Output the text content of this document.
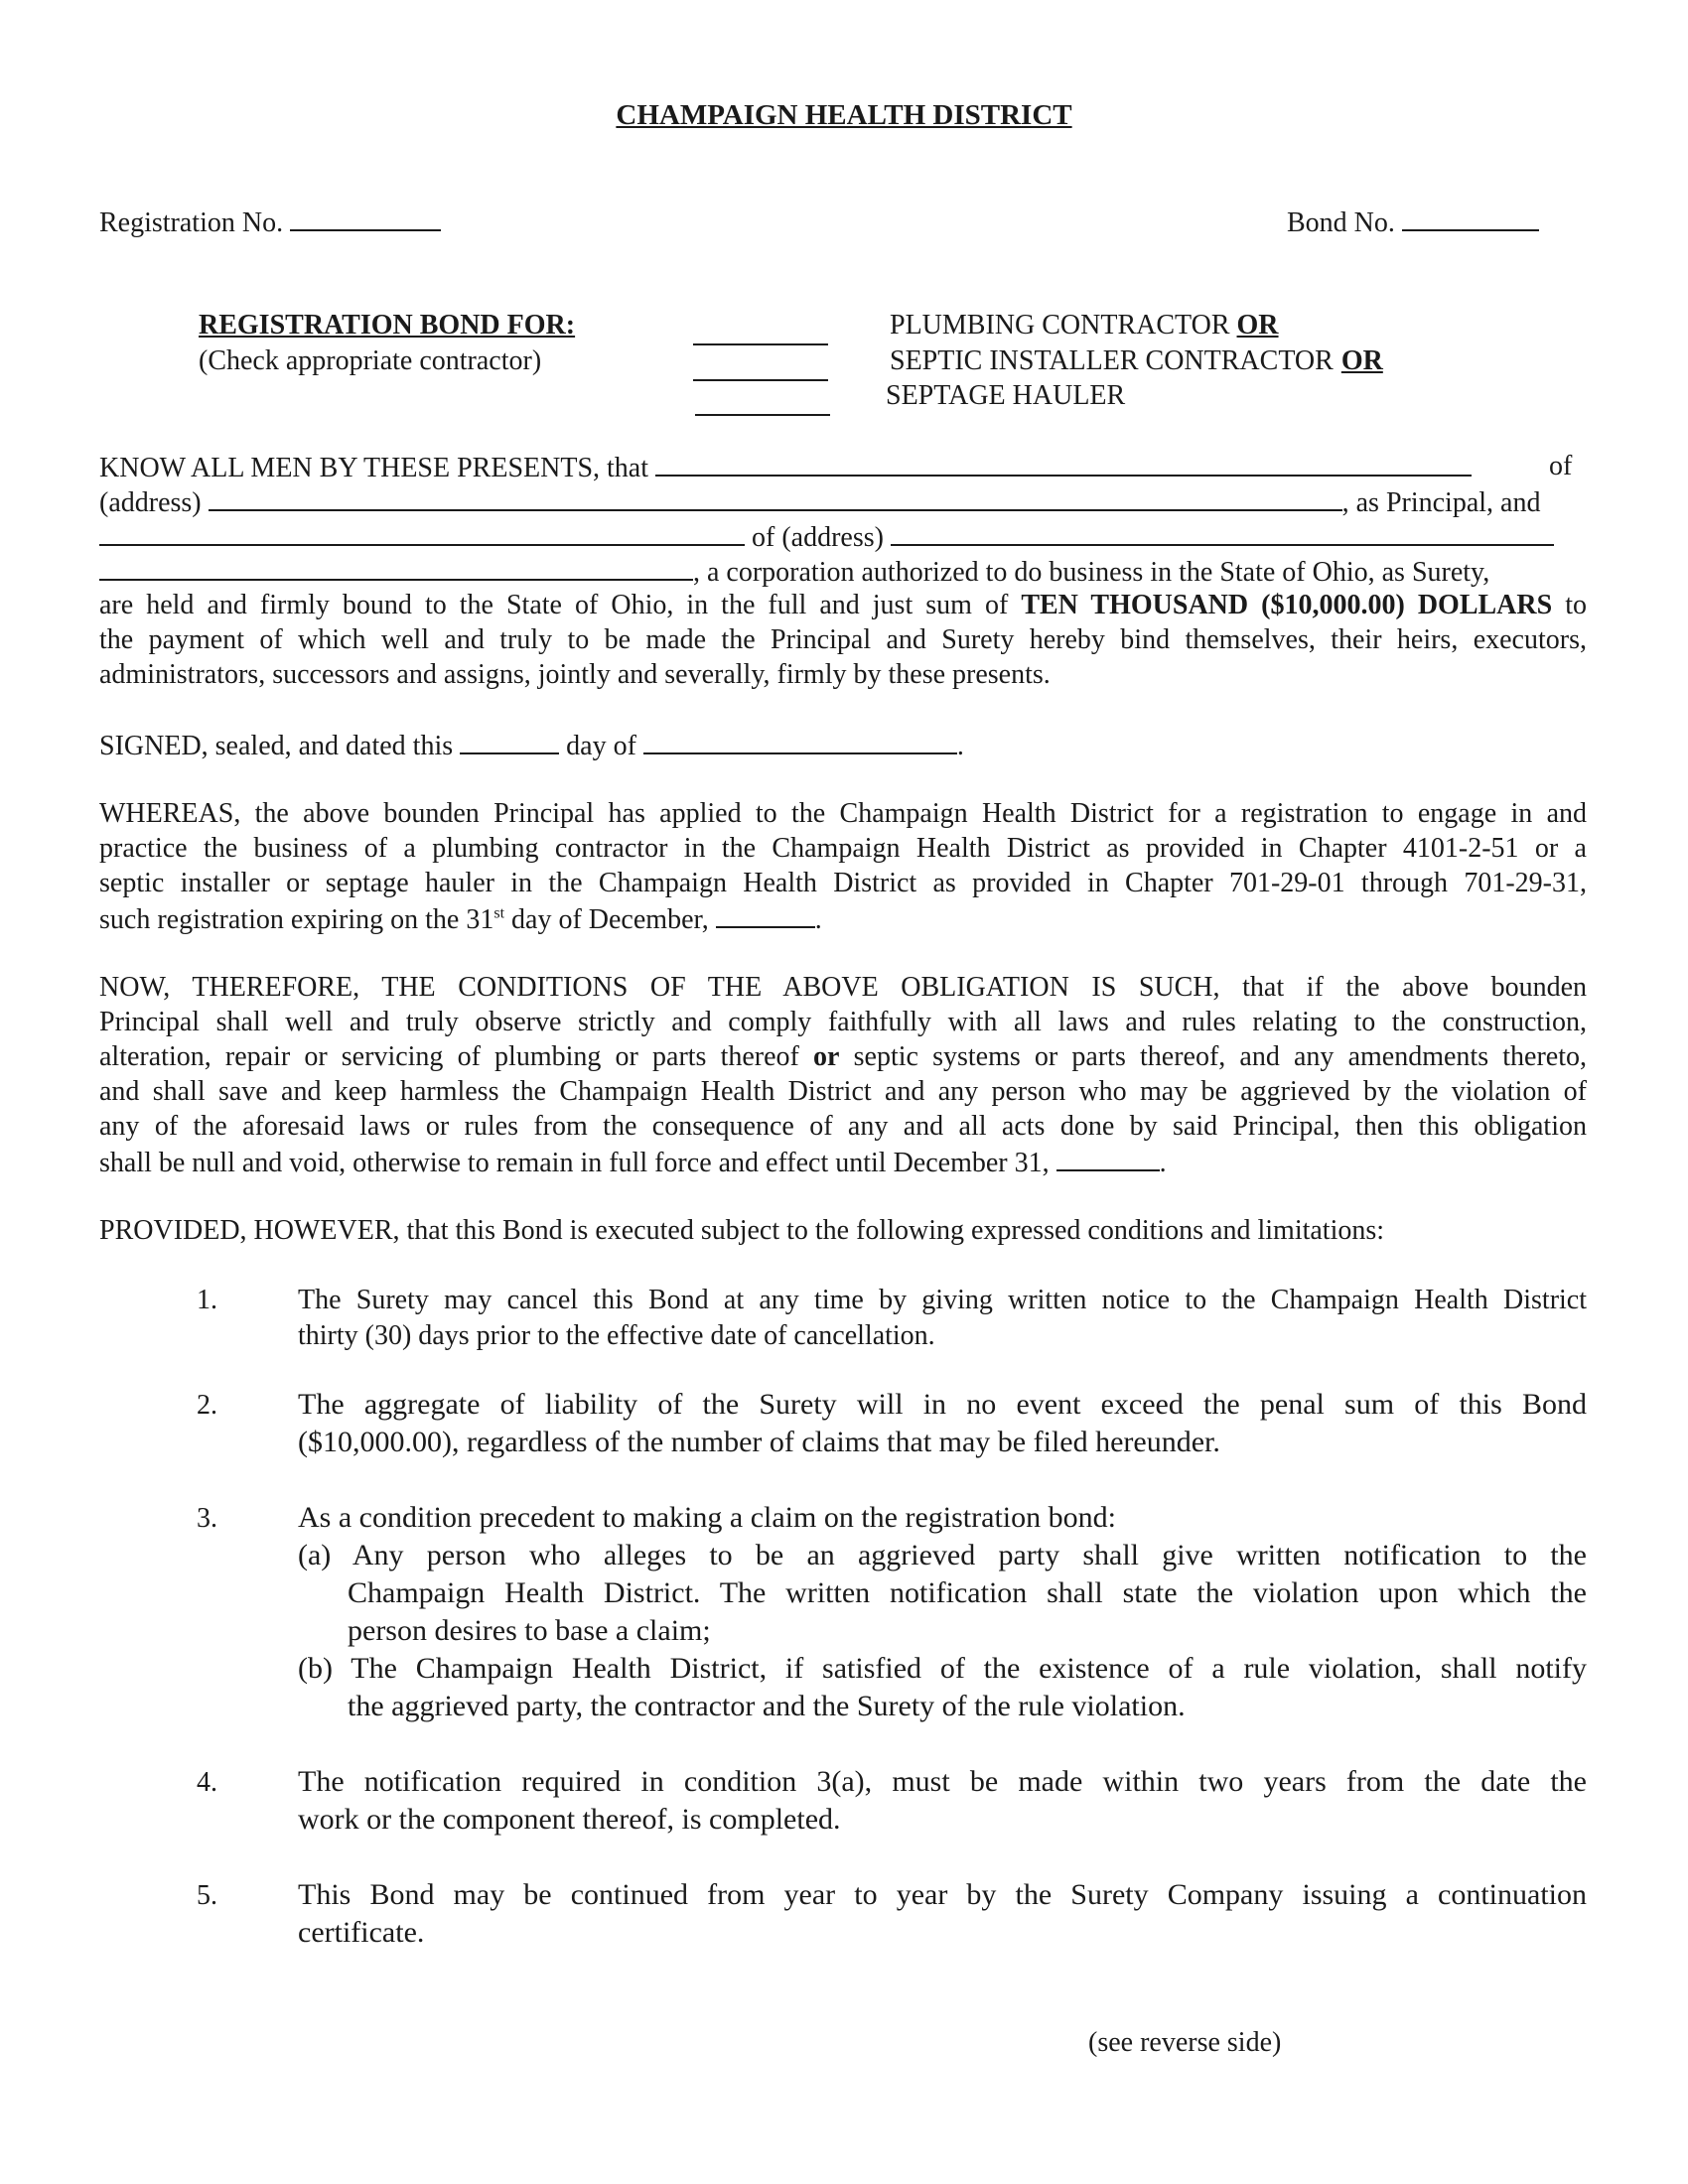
CHAMPAIGN HEALTH DISTRICT
Registration No.	Bond No.
REGISTRATION BOND FOR:
(Check appropriate contractor)
PLUMBING CONTRACTOR OR
SEPTIC INSTALLER CONTRACTOR OR
SEPTAGE HAULER
KNOW ALL MEN BY THESE PRESENTS, that	of
(address)	, as Principal, and
of (address)
, a corporation authorized to do business in the State of Ohio, as Surety,
are held and firmly bound to the State of Ohio, in the full and just sum of TEN THOUSAND ($10,000.00) DOLLARS to
the payment of which well and truly to be made the Principal and Surety hereby bind themselves, their heirs, executors,
administrators, successors and assigns, jointly and severally, firmly by these presents.
SIGNED, sealed, and dated this	day of	.
WHEREAS, the above bounden Principal has applied to the Champaign Health District for a registration to engage in and
practice the business of a plumbing contractor in the Champaign Health District as provided in Chapter 4101-2-51 or a
septic installer or septage hauler in the Champaign Health District as provided in Chapter 701-29-01 through 701-29-31,
such registration expiring on the 31st day of December,	.
NOW, THEREFORE, THE CONDITIONS OF THE ABOVE OBLIGATION IS SUCH, that if the above bounden
Principal shall well and truly observe strictly and comply faithfully with all laws and rules relating to the construction,
alteration, repair or servicing of plumbing or parts thereof or septic systems or parts thereof, and any amendments thereto,
and shall save and keep harmless the Champaign Health District and any person who may be aggrieved by the violation of
any of the aforesaid laws or rules from the consequence of any and all acts done by said Principal, then this obligation
shall be null and void, otherwise to remain in full force and effect until December 31,	.
PROVIDED, HOWEVER, that this Bond is executed subject to the following expressed conditions and limitations:
1.	The Surety may cancel this Bond at any time by giving written notice to the Champaign Health District
thirty (30) days prior to the effective date of cancellation.
2.	The aggregate of liability of the Surety will in no event exceed the penal sum of this Bond
($10,000.00), regardless of the number of claims that may be filed hereunder.
3.	As a condition precedent to making a claim on the registration bond:
(a) Any person who alleges to be an aggrieved party shall give written notification to the
Champaign Health District. The written notification shall state the violation upon which the
person desires to base a claim;
(b) The Champaign Health District, if satisfied of the existence of a rule violation, shall notify
the aggrieved party, the contractor and the Surety of the rule violation.
4.	The notification required in condition 3(a), must be made within two years from the date the
work or the component thereof, is completed.
5.	This Bond may be continued from year to year by the Surety Company issuing a continuation
certificate.
(see reverse side)
